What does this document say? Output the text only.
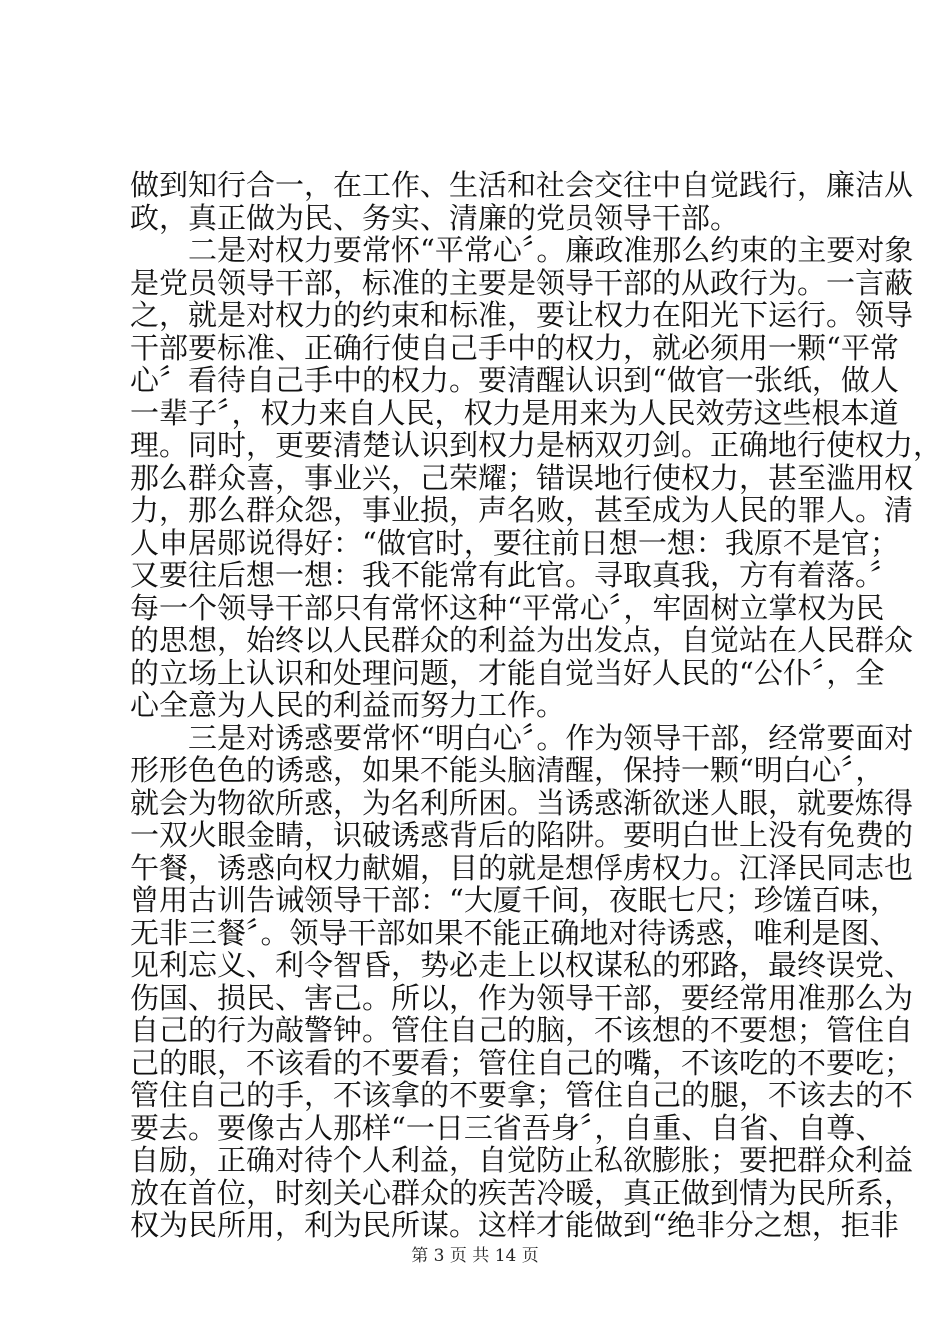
做到知行合一，在工作、生活和社会交往中自觉践行，廉洁从
政，真正做为民、务实、清廉的党员领导干部。
　　二是对权力要常怀“平常心〞。廉政准那么约束的主要对象
是党员领导干部，标准的主要是领导干部的从政行为。一言蔽
之，就是对权力的约束和标准，要让权力在阳光下运行。领导
干部要标准、正确行使自己手中的权力，就必须用一颗“平常
心〞看待自己手中的权力。要清醒认识到“做官一张纸，做人
一辈子〞，权力来自人民，权力是用来为人民效劳这些根本道
理。同时，更要清楚认识到权力是柄双刃剑。正确地行使权力，
那么群众喜，事业兴，己荣耀；错误地行使权力，甚至滥用权
力，那么群众怨，事业损，声名败，甚至成为人民的罪人。清
人申居郧说得好：“做官时，要往前日想一想：我原不是官；
又要往后想一想：我不能常有此官。寻取真我，方有着落。〞
每一个领导干部只有常怀这种“平常心〞，牢固树立掌权为民
的思想，始终以人民群众的利益为出发点，自觉站在人民群众
的立场上认识和处理问题，才能自觉当好人民的“公仆〞，全
心全意为人民的利益而努力工作。
　　三是对诱惑要常怀“明白心〞。作为领导干部，经常要面对
形形色色的诱惑，如果不能头脑清醒，保持一颗“明白心〞，
就会为物欲所惑，为名利所困。当诱惑渐欲迷人眼，就要炼得
一双火眼金睛，识破诱惑背后的陷阱。要明白世上没有免费的
午餐，诱惑向权力献媚，目的就是想俘虏权力。江泽民同志也
曾用古训告诫领导干部：“大厦千间，夜眠七尺；珍馐百味，
无非三餐〞。领导干部如果不能正确地对待诱惑，唯利是图、
见利忘义、利令智昏，势必走上以权谋私的邪路，最终误党、
伤国、损民、害己。所以，作为领导干部，要经常用准那么为
自己的行为敲警钟。管住自己的脑，不该想的不要想；管住自
己的眼，不该看的不要看；管住自己的嘴，不该吃的不要吃；
管住自己的手，不该拿的不要拿；管住自己的腿，不该去的不
要去。要像古人那样“一日三省吾身〞，自重、自省、自尊、
自励，正确对待个人利益，自觉防止私欲膨胀；要把群众利益
放在首位，时刻关心群众的疾苦冷暖，真正做到情为民所系，
权为民所用，利为民所谋。这样才能做到“绝非分之想，拒非
第 3 页 共 14 页
